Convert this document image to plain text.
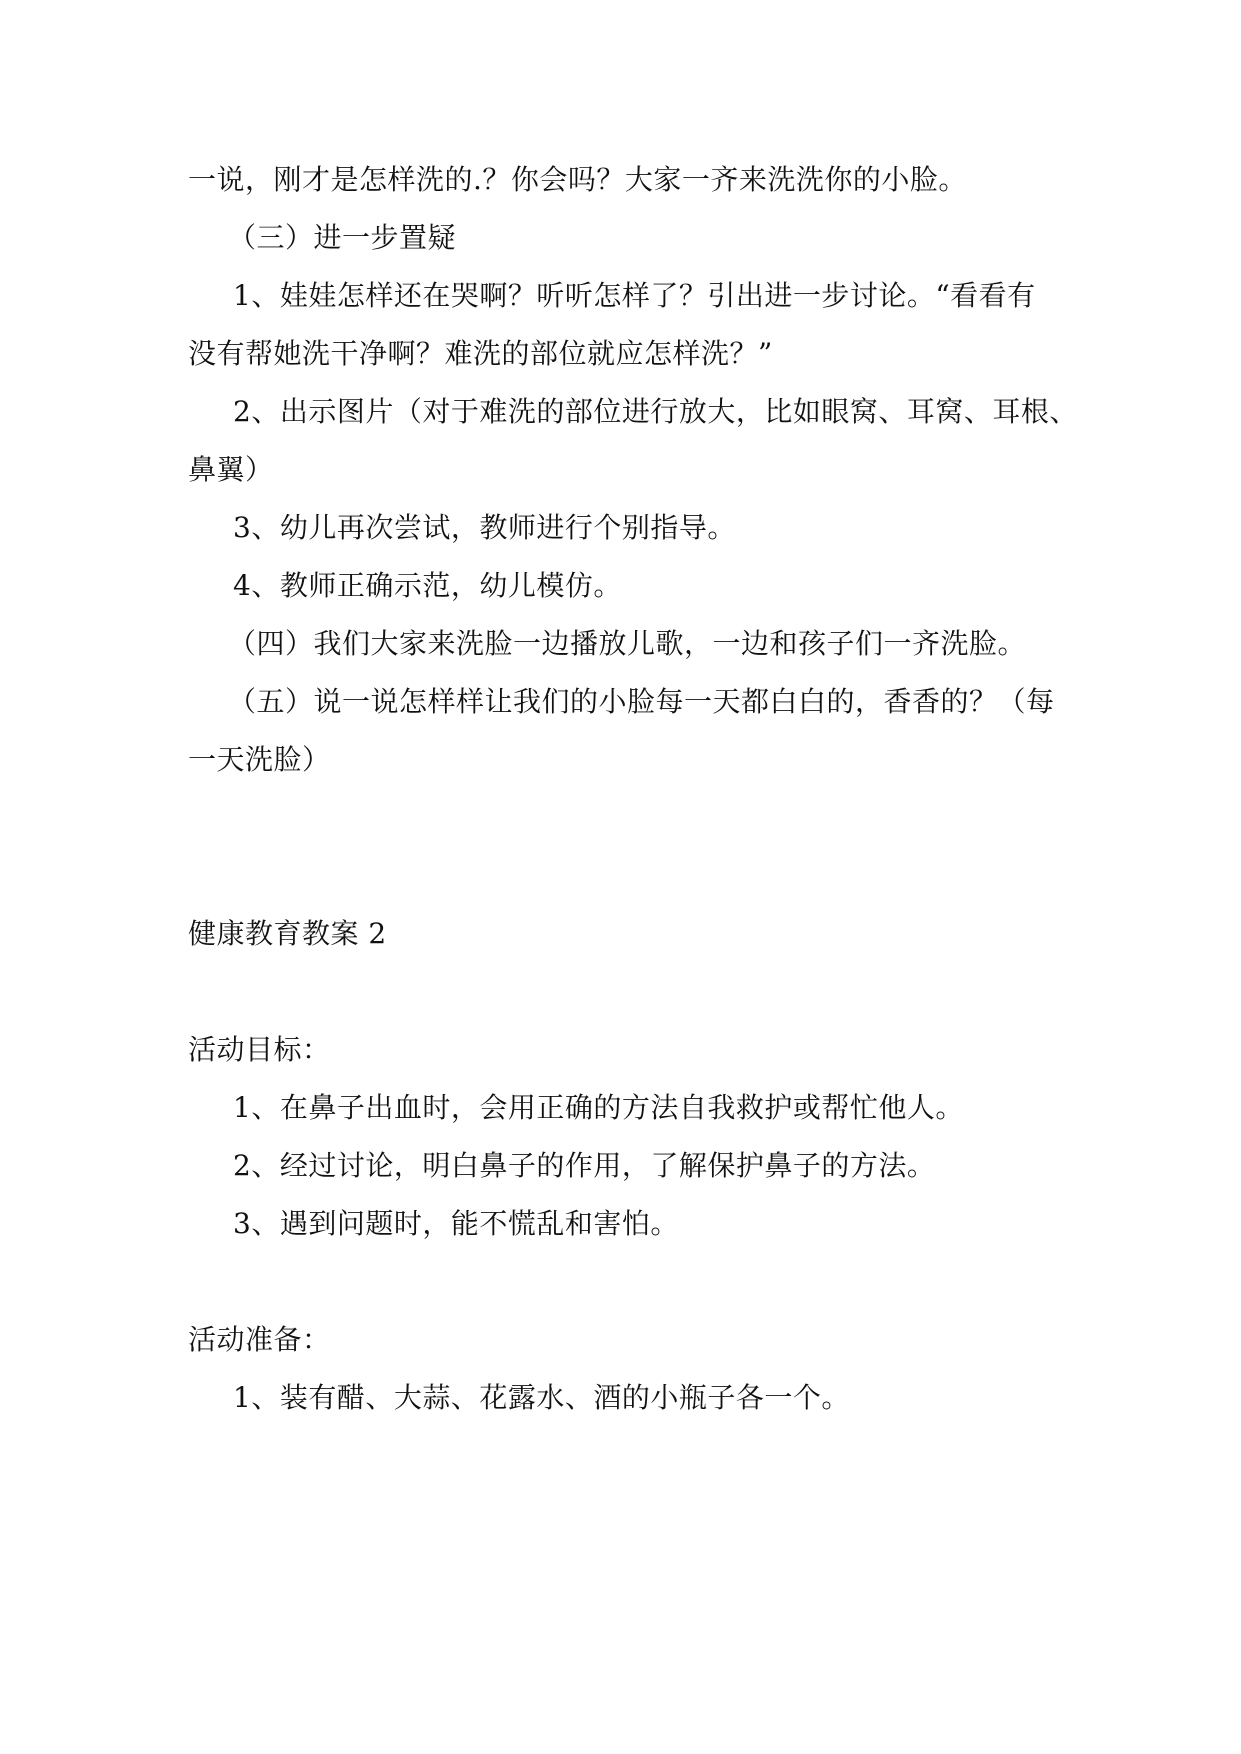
一说，刚才是怎样洗的.？你会吗？大家一齐来洗洗你的小脸。
（三）进一步置疑
1、娃娃怎样还在哭啊？听听怎样了？引出进一步讨论。“看看有
没有帮她洗干净啊？难洗的部位就应怎样洗？”
2、出示图片（对于难洗的部位进行放大，比如眼窝、耳窝、耳根、
鼻翼）
3、幼儿再次尝试，教师进行个别指导。
4、教师正确示范，幼儿模仿。
（四）我们大家来洗脸一边播放儿歌，一边和孩子们一齐洗脸。
（五）说一说怎样样让我们的小脸每一天都白白的，香香的？（每
一天洗脸）
健康教育教案 2
活动目标：
1、在鼻子出血时，会用正确的方法自我救护或帮忙他人。
2、经过讨论，明白鼻子的作用，了解保护鼻子的方法。
3、遇到问题时，能不慌乱和害怕。
活动准备：
1、装有醋、大蒜、花露水、酒的小瓶子各一个。
